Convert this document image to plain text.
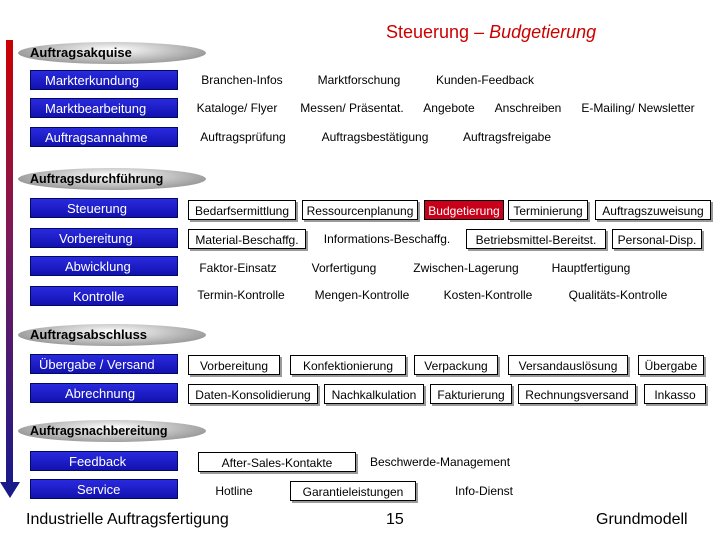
Steuerung – Budgetierung
Auftragsakquise
Auftragsdurchführung
Auftragsabschluss
Auftragsnachbereitung
Markterkundung	Branchen-Infos	Marktforschung	Kunden-Feedback
Marktbearbeitung	Kataloge/ Flyer	Messen/ Präsentat.	Angebote	Anschreiben	E-Mailing/ Newsletter
Auftragsannahme	Auftragsprüfung	Auftragsbestätigung	Auftragsfreigabe
Steuerung	Bedarfsermittlung	Ressourcenplanung	Budgetierung	Terminierung	Auftragszuweisung
Vorbereitung	Material-Beschaffg.	Informations-Beschaffg.	Betriebsmittel-Bereitst.	Personal-Disp.
Abwicklung	Faktor-Einsatz	Vorfertigung	Zwischen-Lagerung	Hauptfertigung
Kontrolle	Termin-Kontrolle	Mengen-Kontrolle	Kosten-Kontrolle	Qualitäts-Kontrolle
Übergabe / Versand	Vorbereitung	Konfektionierung	Verpackung	Versandauslösung	Übergabe
Abrechnung	Daten-Konsolidierung	Nachkalkulation	Fakturierung	Rechnungsversand	Inkasso
Feedback	After-Sales-Kontakte	Beschwerde-Management
Service	Hotline	Garantieleistungen	Info-Dienst
Industrielle Auftragsfertigung	15	Grundmodell
